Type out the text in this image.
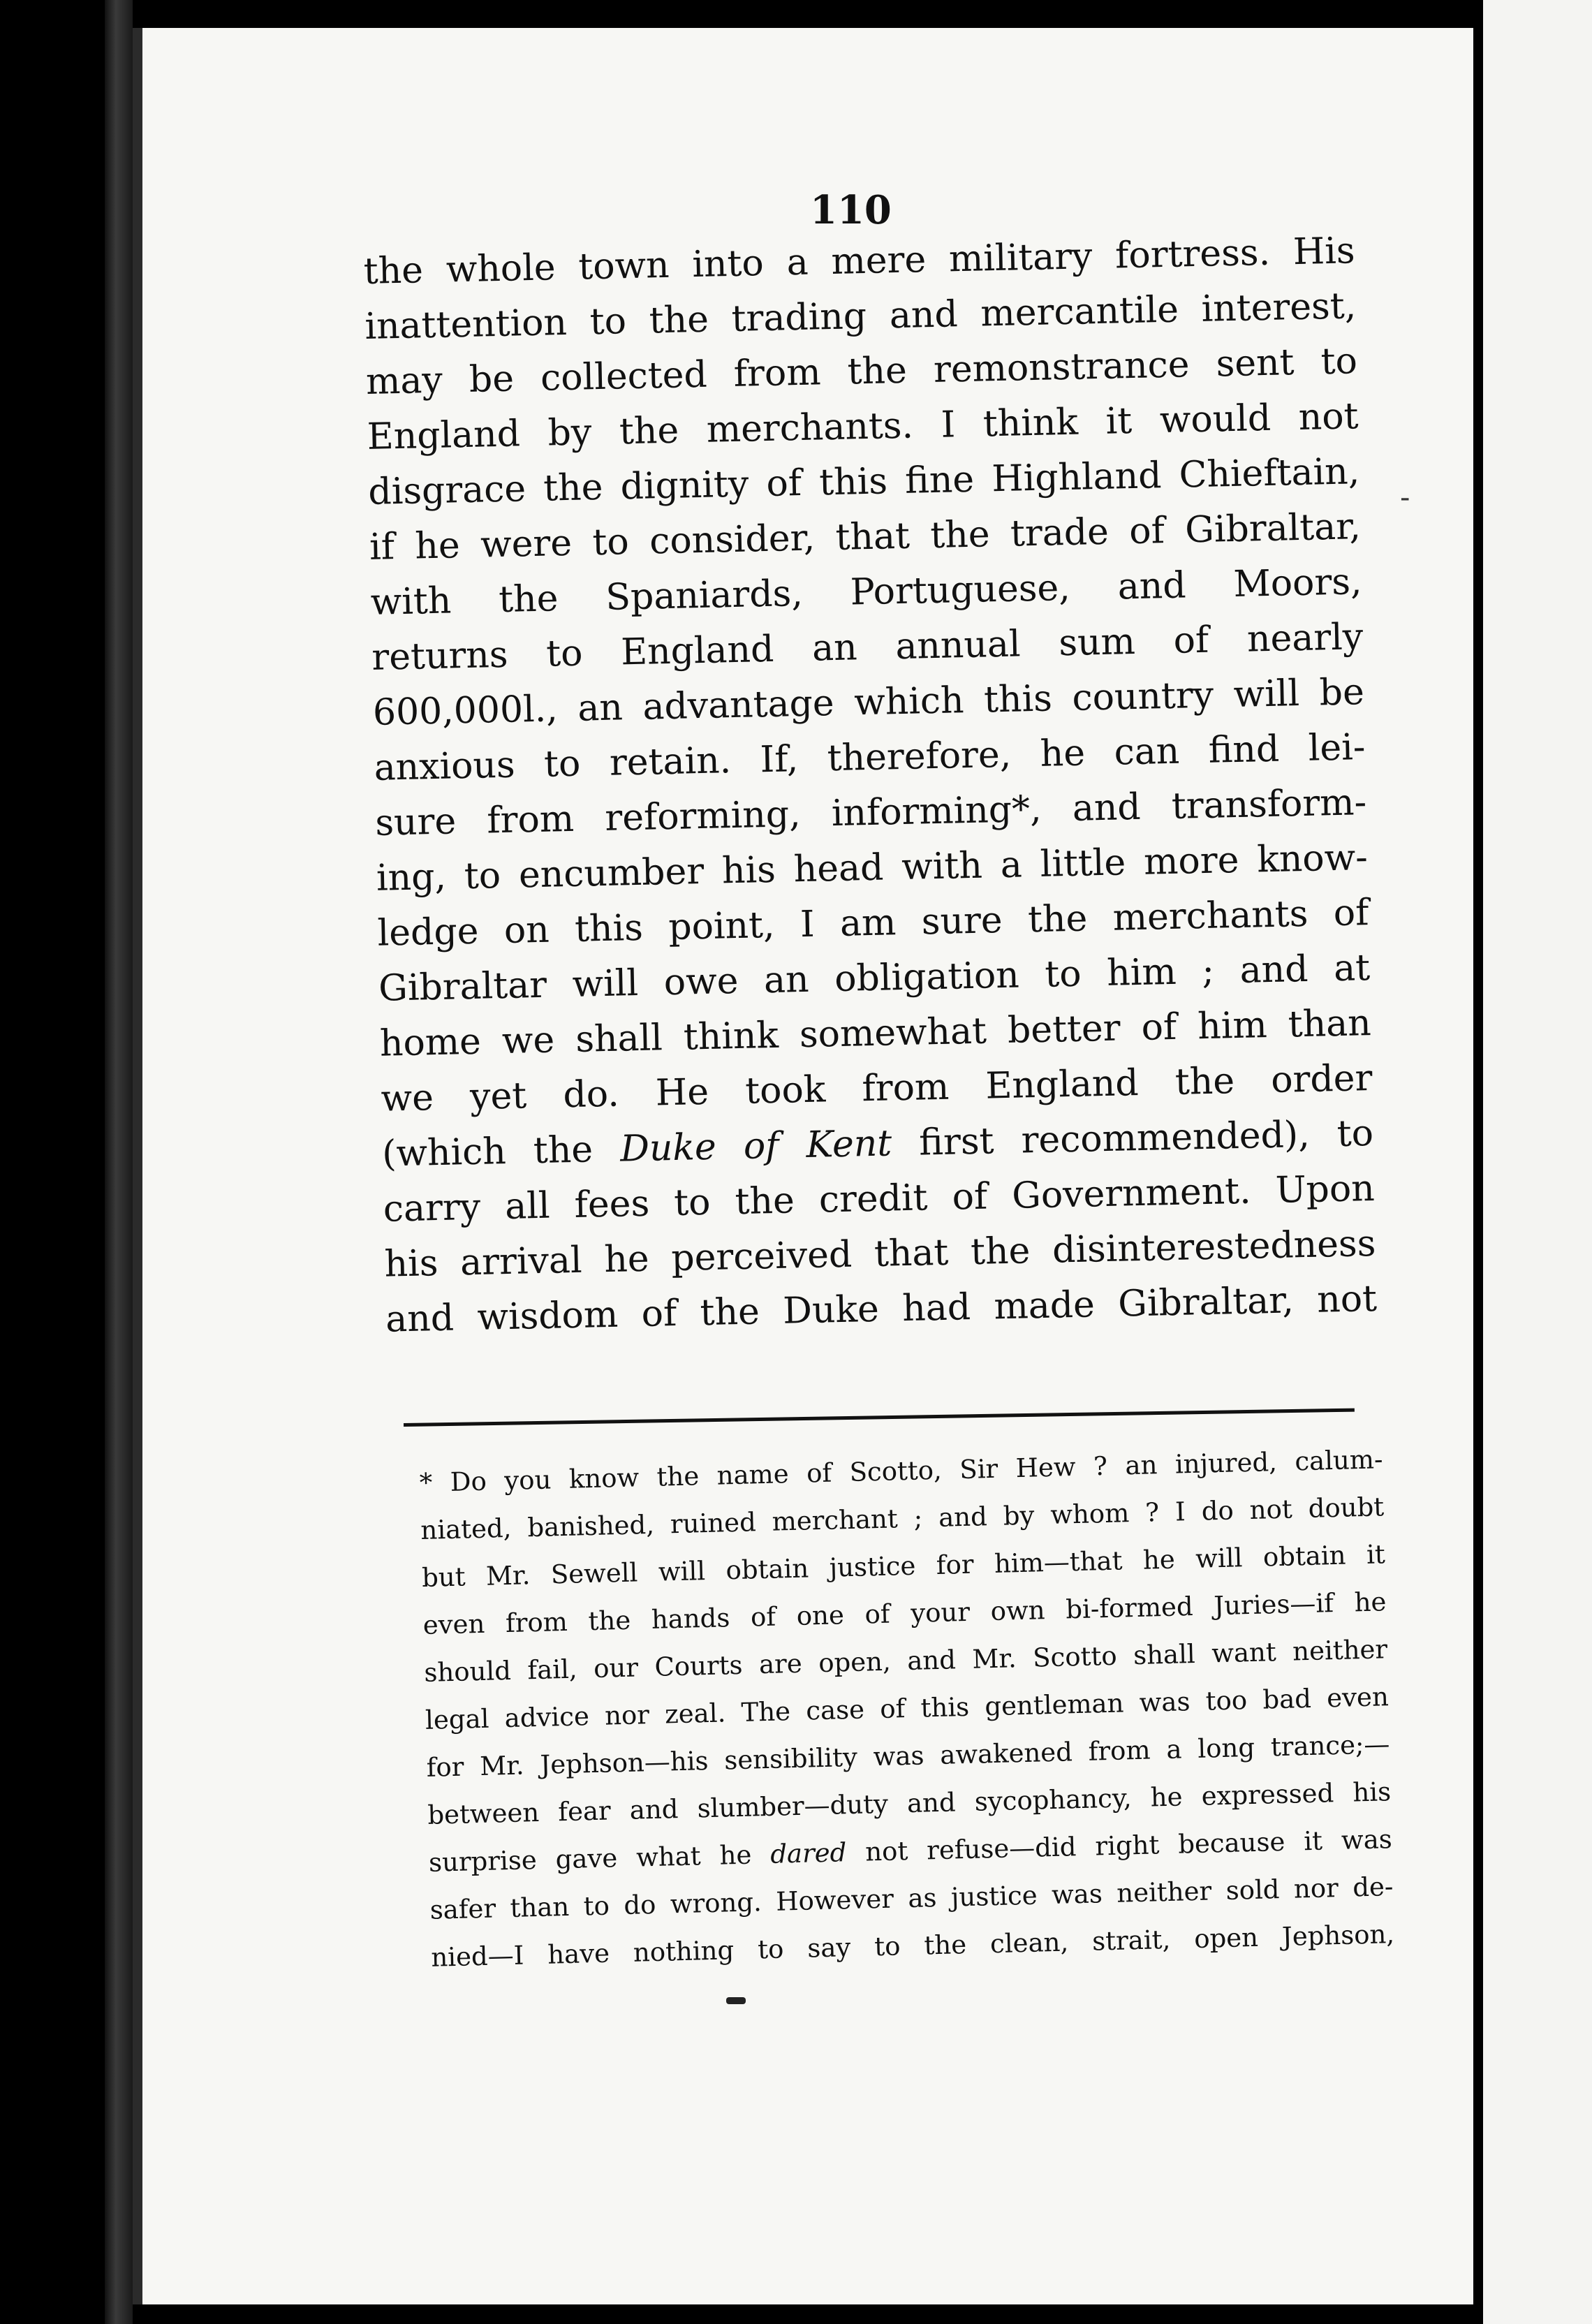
110
the whole town into a mere military fortress. His
inattention to the trading and mercantile interest,
may be collected from the remonstrance sent to
England by the merchants. I think it would not
disgrace the dignity of this fine Highland Chieftain,
if he were to consider, that the trade of Gibraltar,
with the Spaniards, Portuguese, and Moors,
returns to England an annual sum of nearly
600,000l., an advantage which this country will be
anxious to retain. If, therefore, he can find lei-
sure from reforming, informing*, and transform-
ing, to encumber his head with a little more know-
ledge on this point, I am sure the merchants of
Gibraltar will owe an obligation to him ; and at
home we shall think somewhat better of him than
we yet do. He took from England the order
(which the Duke of Kent first recommended), to
carry all fees to the credit of Government. Upon
his arrival he perceived that the disinterestedness
and wisdom of the Duke had made Gibraltar, not
* Do you know the name of Scotto, Sir Hew ? an injured, calum-
niated, banished, ruined merchant ; and by whom ? I do not doubt
but Mr. Sewell will obtain justice for him—that he will obtain it
even from the hands of one of your own bi-formed Juries—if he
should fail, our Courts are open, and Mr. Scotto shall want neither
legal advice nor zeal. The case of this gentleman was too bad even
for Mr. Jephson—his sensibility was awakened from a long trance;—
between fear and slumber—duty and sycophancy, he expressed his
surprise gave what he dared not refuse—did right because it was
safer than to do wrong. However as justice was neither sold nor de-
nied—I have nothing to say to the clean, strait, open Jephson,
-
